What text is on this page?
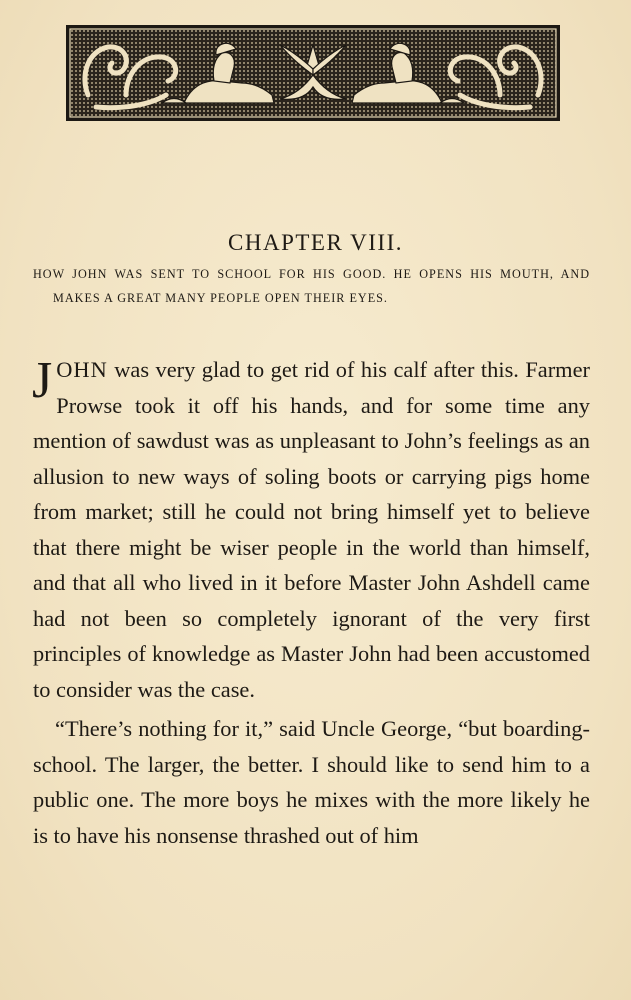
CHAPTER VIII.

HOW JOHN WAS SENT TO SCHOOL FOR HIS GOOD. HE OPENS HIS MOUTH, AND MAKES A GREAT MANY PEOPLE OPEN THEIR EYES.

JOHN was very glad to get rid of his calf after this. Farmer Prowse took it off his hands, and for some time any mention of sawdust was as unpleasant to John’s feelings as an allusion to new ways of soling boots or carrying pigs home from market; still he could not bring himself yet to believe that there might be wiser people in the world than himself, and that all who lived in it before Master John Ashdell came had not been so completely ignorant of the very first principles of knowledge as Master John had been accustomed to consider was the case.

“There’s nothing for it,” said Uncle George, “but boarding-school. The larger, the better. I should like to send him to a public one. The more boys he mixes with the more likely he is to have his nonsense thrashed out of him
